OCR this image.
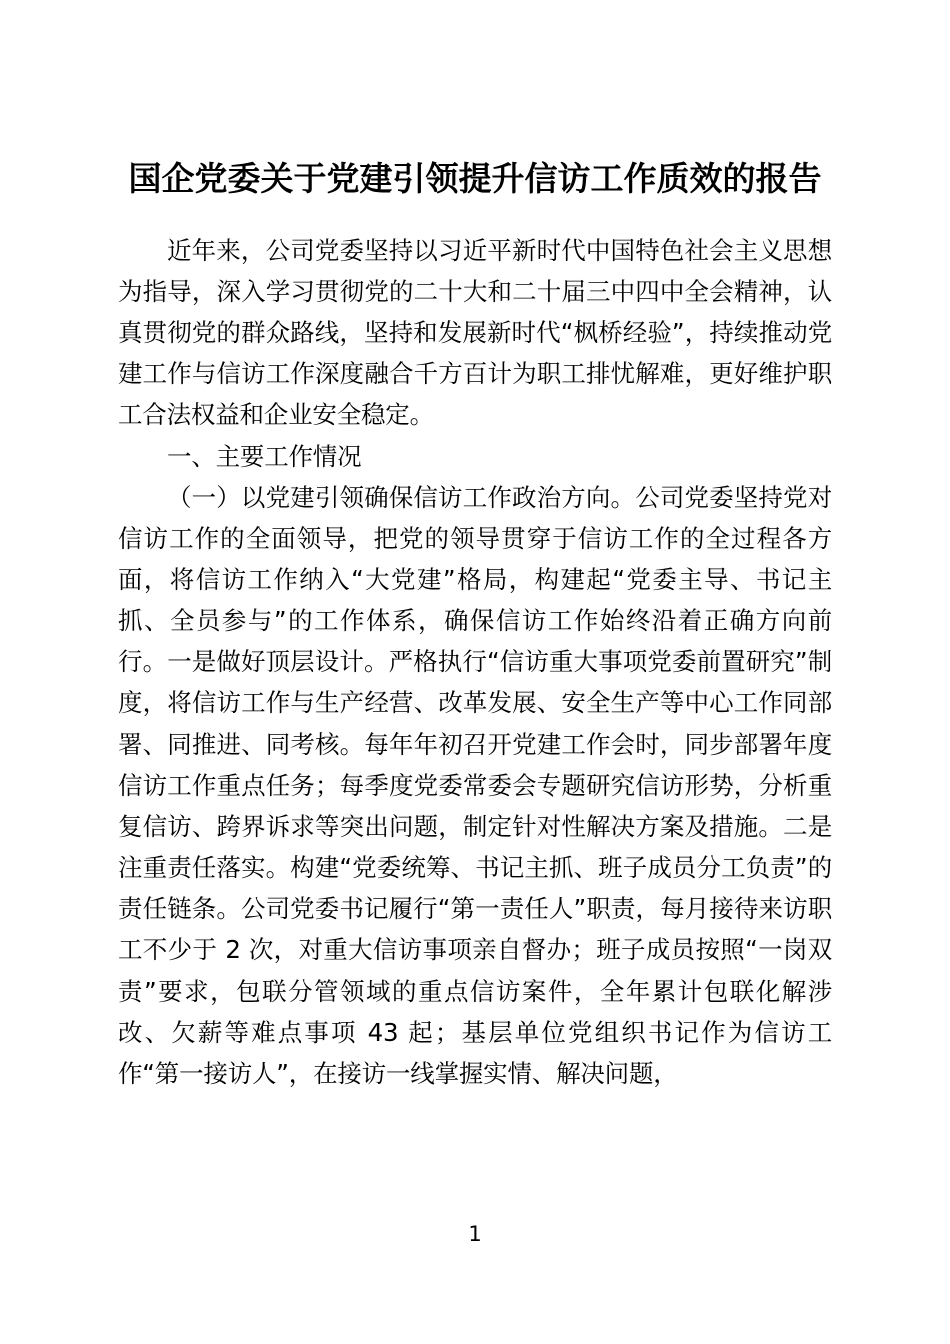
国企党委关于党建引领提升信访工作质效的报告

近年来，公司党委坚持以习近平新时代中国特色社会主义思想为指导，深入学习贯彻党的二十大和二十届三中四中全会精神，认真贯彻党的群众路线，坚持和发展新时代“枫桥经验”，持续推动党建工作与信访工作深度融合千方百计为职工排忧解难，更好维护职工合法权益和企业安全稳定。

一、主要工作情况

（一）以党建引领确保信访工作政治方向。公司党委坚持党对信访工作的全面领导，把党的领导贯穿于信访工作的全过程各方面，将信访工作纳入“大党建”格局，构建起“党委主导、书记主抓、全员参与”的工作体系，确保信访工作始终沿着正确方向前行。一是做好顶层设计。严格执行“信访重大事项党委前置研究”制度，将信访工作与生产经营、改革发展、安全生产等中心工作同部署、同推进、同考核。每年年初召开党建工作会时，同步部署年度信访工作重点任务；每季度党委常委会专题研究信访形势，分析重复信访、跨界诉求等突出问题，制定针对性解决方案及措施。二是注重责任落实。构建“党委统筹、书记主抓、班子成员分工负责”的责任链条。公司党委书记履行“第一责任人”职责，每月接待来访职工不少于 2 次，对重大信访事项亲自督办；班子成员按照“一岗双责”要求，包联分管领域的重点信访案件，全年累计包联化解涉改、欠薪等难点事项 43 起；基层单位党组织书记作为信访工作“第一接访人”，在接访一线掌握实情、解决问题，

1
